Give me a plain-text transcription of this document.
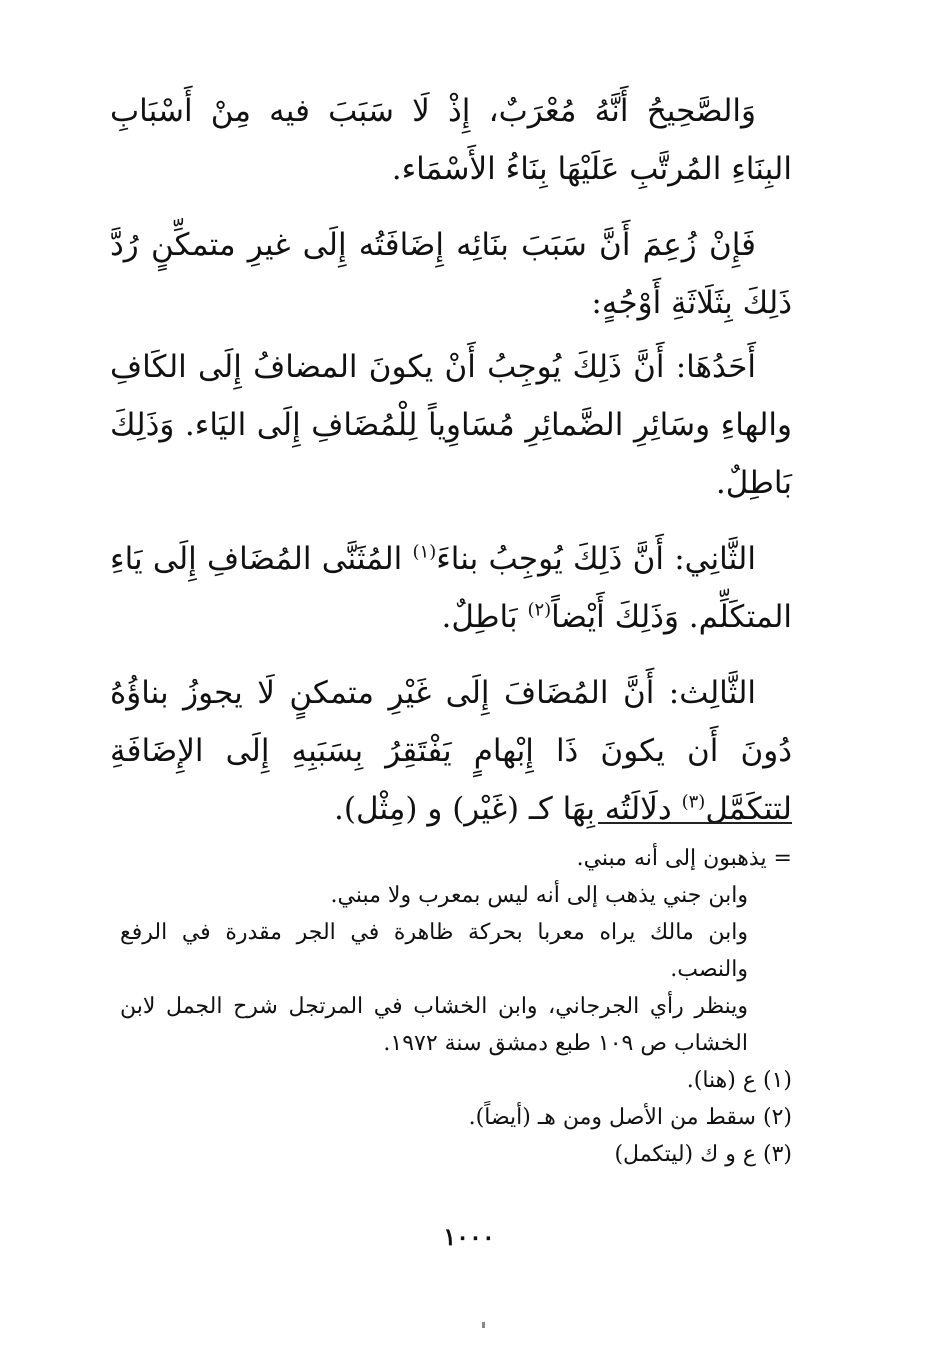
وَالصَّحِيحُ أَنَّهُ مُعْرَبٌ، إِذْ لَا سَبَبَ فيه مِنْ أَسْبَابِ البِنَاءِ المُرتَّبِ عَلَيْهَا بِنَاءُ الأَسْمَاء.

فَإِنْ زُعِمَ أَنَّ سَبَبَ بنَائِه إِضَافَتُه إِلَى غيرِ متمكِّنٍ رُدَّ ذَلِكَ بِثَلَاثَةِ أَوْجُهٍ:

أَحَدُهَا: أَنَّ ذَلِكَ يُوجِبُ أَنْ يكونَ المضافُ إِلَى الكَافِ والهاءِ وسَائِرِ الضَّمائِرِ مُسَاوِياً لِلْمُضَافِ إِلَى اليَاء. وَذَلِكَ بَاطِلٌ.

الثَّانِي: أَنَّ ذَلِكَ يُوجِبُ بناءَ$^{(١)}$ المُثَنَّى المُضَافِ إِلَى يَاءِ المتكَلِّم. وَذَلِكَ أَيْضاً$^{(٢)}$ بَاطِلٌ.

الثَّالِث: أَنَّ المُضَافَ إِلَى غَيْرِ متمكنٍ لَا يجوزُ بناؤُهُ دُونَ أَن يكونَ ذَا إِبْهامٍ يَفْتَقِرُ بِسَبَبِهِ إِلَى الإِضَافَةِ لتتكَمَّل$^{(٣)}$ دلَالَتُه بِهَا كـ (غَيْر) و (مِثْل).

= يذهبون إلى أنه مبني.

وابن جني يذهب إلى أنه ليس بمعرب ولا مبني.

وابن مالك يراه معربا بحركة ظاهرة في الجر مقدرة في الرفع والنصب.

وينظر رأي الجرجاني، وابن الخشاب في المرتجل شرح الجمل لابن الخشاب ص ١٠٩ طبع دمشق سنة ١٩٧٢.

(١) ع (هنا).

(٢) سقط من الأصل ومن هـ (أيضاً).

(٣) ع و ك (ليتكمل)

١٠٠٠
